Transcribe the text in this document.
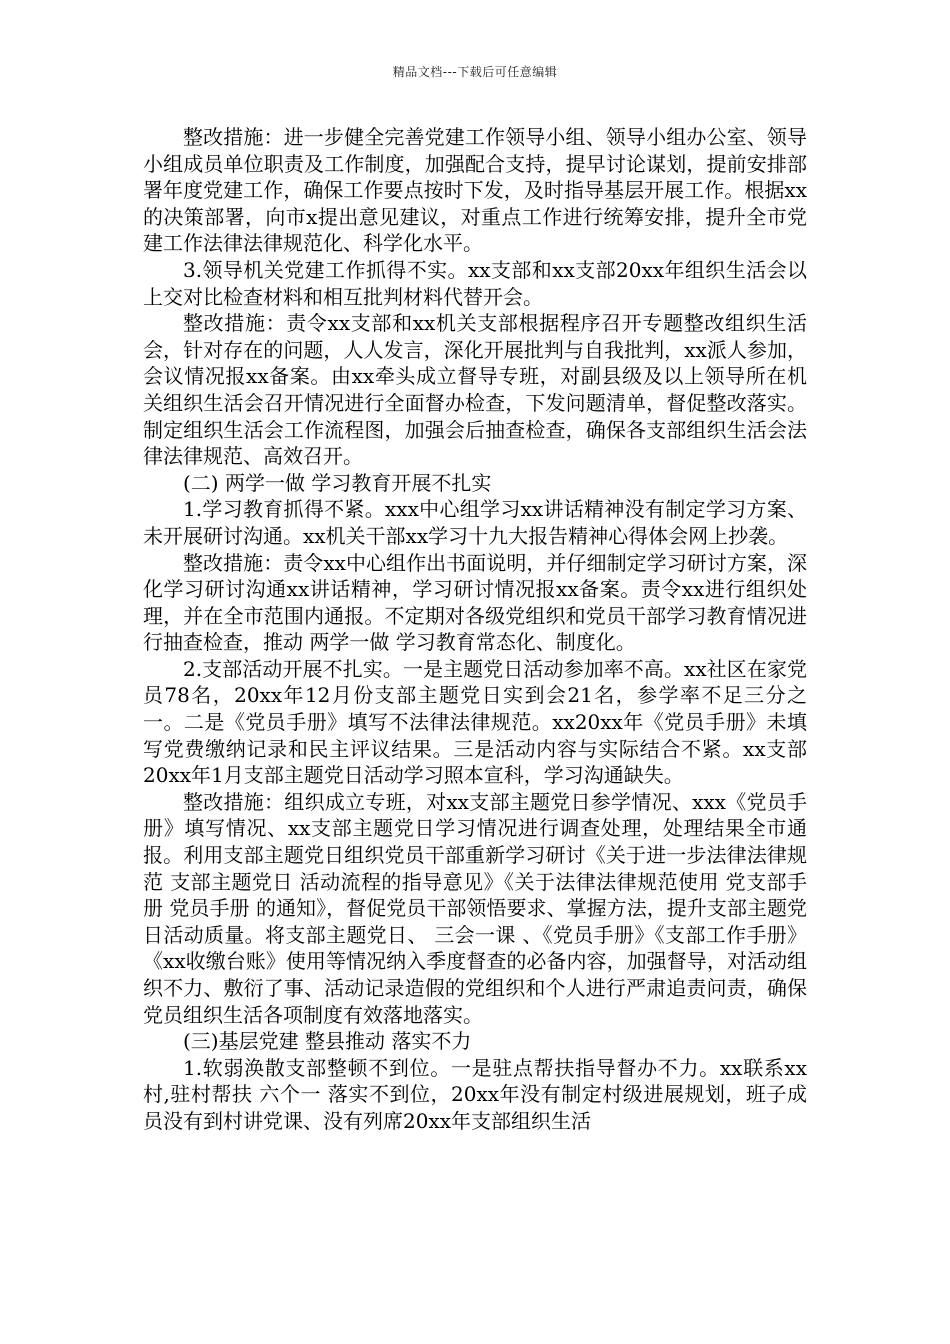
精品文档---下载后可任意编辑

整改措施：进一步健全完善党建工作领导小组、领导小组办公室、领导小组成员单位职责及工作制度，加强配合支持，提早讨论谋划，提前安排部署年度党建工作，确保工作要点按时下发，及时指导基层开展工作。根据xx的决策部署，向市x提出意见建议，对重点工作进行统筹安排，提升全市党建工作法律法律规范化、科学化水平。

3.领导机关党建工作抓得不实。xx支部和xx支部20xx年组织生活会以上交对比检查材料和相互批判材料代替开会。

整改措施：责令xx支部和xx机关支部根据程序召开专题整改组织生活会，针对存在的问题，人人发言，深化开展批判与自我批判，xx派人参加，会议情况报xx备案。由xx牵头成立督导专班，对副县级及以上领导所在机关组织生活会召开情况进行全面督办检查，下发问题清单，督促整改落实。制定组织生活会工作流程图，加强会后抽查检查，确保各支部组织生活会法律法律规范、高效召开。

(二) 两学一做 学习教育开展不扎实

1.学习教育抓得不紧。xxx中心组学习xx讲话精神没有制定学习方案、未开展研讨沟通。xx机关干部xx学习十九大报告精神心得体会网上抄袭。

整改措施：责令xx中心组作出书面说明，并仔细制定学习研讨方案，深化学习研讨沟通xx讲话精神，学习研讨情况报xx备案。责令xx进行组织处理，并在全市范围内通报。不定期对各级党组织和党员干部学习教育情况进行抽查检查，推动 两学一做 学习教育常态化、制度化。

2.支部活动开展不扎实。一是主题党日活动参加率不高。xx社区在家党员78名，20xx年12月份支部主题党日实到会21名，参学率不足三分之一。二是《党员手册》填写不法律法律规范。xx20xx年《党员手册》未填写党费缴纳记录和民主评议结果。三是活动内容与实际结合不紧。xx支部 20xx年1月支部主题党日活动学习照本宣科，学习沟通缺失。

整改措施：组织成立专班，对xx支部主题党日参学情况、xxx《党员手册》填写情况、xx支部主题党日学习情况进行调查处理，处理结果全市通报。利用支部主题党日组织党员干部重新学习研讨《关于进一步法律法律规范 支部主题党日 活动流程的指导意见》《关于法律法律规范使用 党支部手册 党员手册 的通知》，督促党员干部领悟要求、掌握方法，提升支部主题党日活动质量。将支部主题党日、 三会一课 、《党员手册》《支部工作手册》《xx收缴台账》使用等情况纳入季度督查的必备内容，加强督导，对活动组织不力、敷衍了事、活动记录造假的党组织和个人进行严肃追责问责，确保党员组织生活各项制度有效落地落实。

(三)基层党建 整县推动 落实不力

1.软弱涣散支部整顿不到位。一是驻点帮扶指导督办不力。xx联系xx村,驻村帮扶 六个一 落实不到位，20xx年没有制定村级进展规划，班子成员没有到村讲党课、没有列席20xx年支部组织生活
